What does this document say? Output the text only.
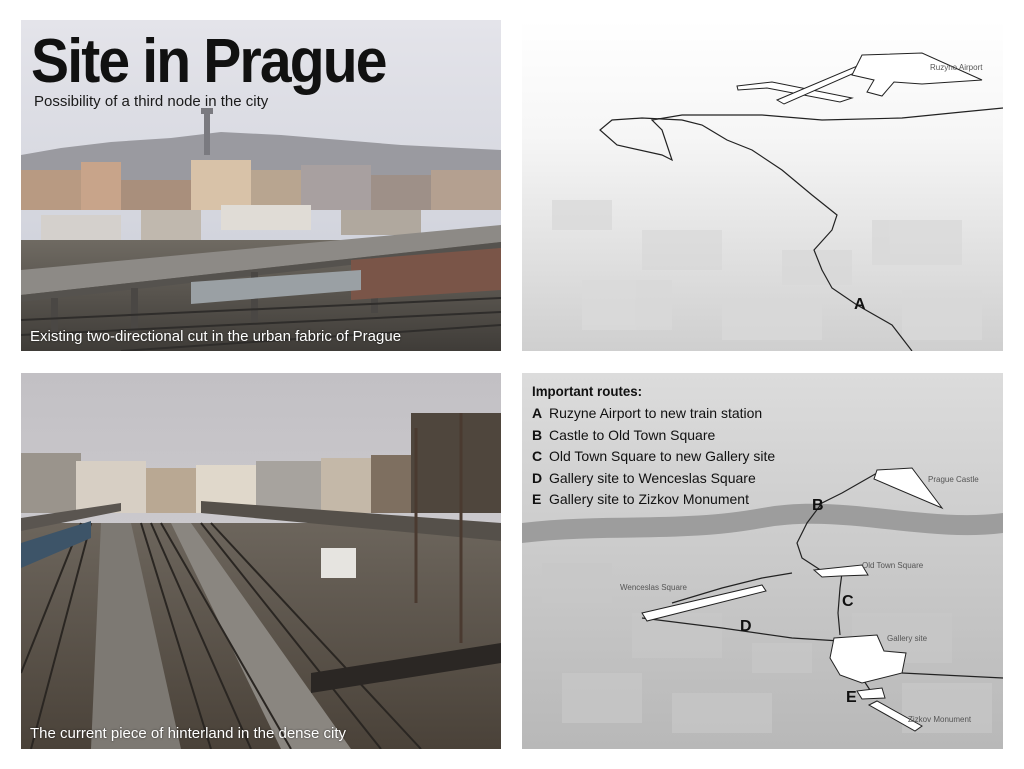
Site in Prague
Possibility of a third node in the city
Existing two-directional cut in the urban fabric of Prague
Ruzyne Airport
A
The current piece of hinterland in the dense city
Important routes:
A Ruzyne Airport to new train station
B Castle to Old Town Square
C Old Town Square to new Gallery site
D Gallery site to Wenceslas Square
E Gallery site to Zizkov Monument
Prague Castle
Old Town Square
Wenceslas Square
Gallery site
Zizkov Monument
B
C
D
E
